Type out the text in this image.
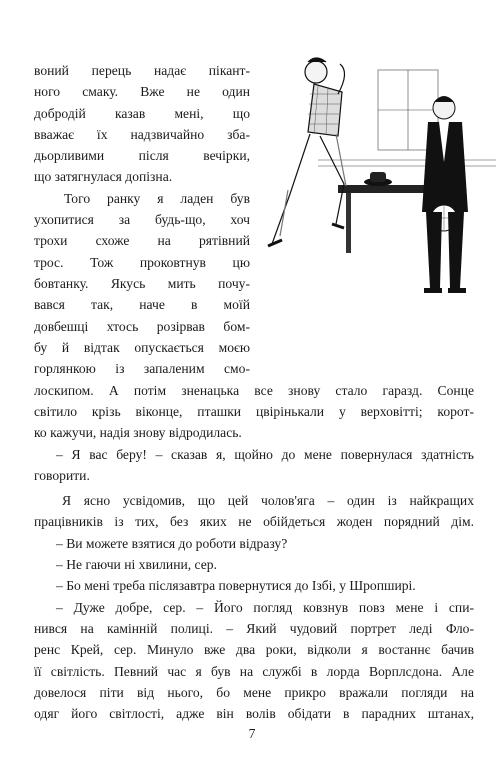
воний перець надає пікант-
ного смаку. Вже не один
добродій казав мені, що
вважає їх надзвичайно зба-
дьорливими після вечірки,
що затягнулася допізна.
Того ранку я ладен був
ухопитися за будь-що, хоч
трохи схоже на рятівний
трос. Тож проковтнув цю
бовтанку. Якусь мить почу-
вався так, наче в моїй
довбешці хтось розірвав бом-
бу й відтак опускається моєю
горлянкою із запаленим смо-
лоскипом. А потім зненацька все знову стало гаразд. Сонце
світило крізь віконце, пташки цвірінькали у верховітті; корот-
ко кажучи, надія знову відродилась.
– Я вас беру! – сказав я, щойно до мене повернулася здатність
говорити.
Я ясно усвідомив, що цей чолов'яга – один із найкращих
працівників із тих, без яких не обійдеться жоден порядний дім.
– Ви можете взятися до роботи відразу?
– Не гаючи ні хвилини, сер.
– Бо мені треба післязавтра повернутися до Ізбі, у Шропширі.
– Дуже добре, сер. – Його погляд ковзнув повз мене і спи-
нився на камінній полиці. – Який чудовий портрет леді Фло-
ренс Крей, сер. Минуло вже два роки, відколи я востаннє бачив
її світлість. Певний час я був на службі в лорда Ворплсдона. Але
довелося піти від нього, бо мене прикро вражали погляди на
одяг його світлості, адже він волів обідати в парадних штанах,
7
